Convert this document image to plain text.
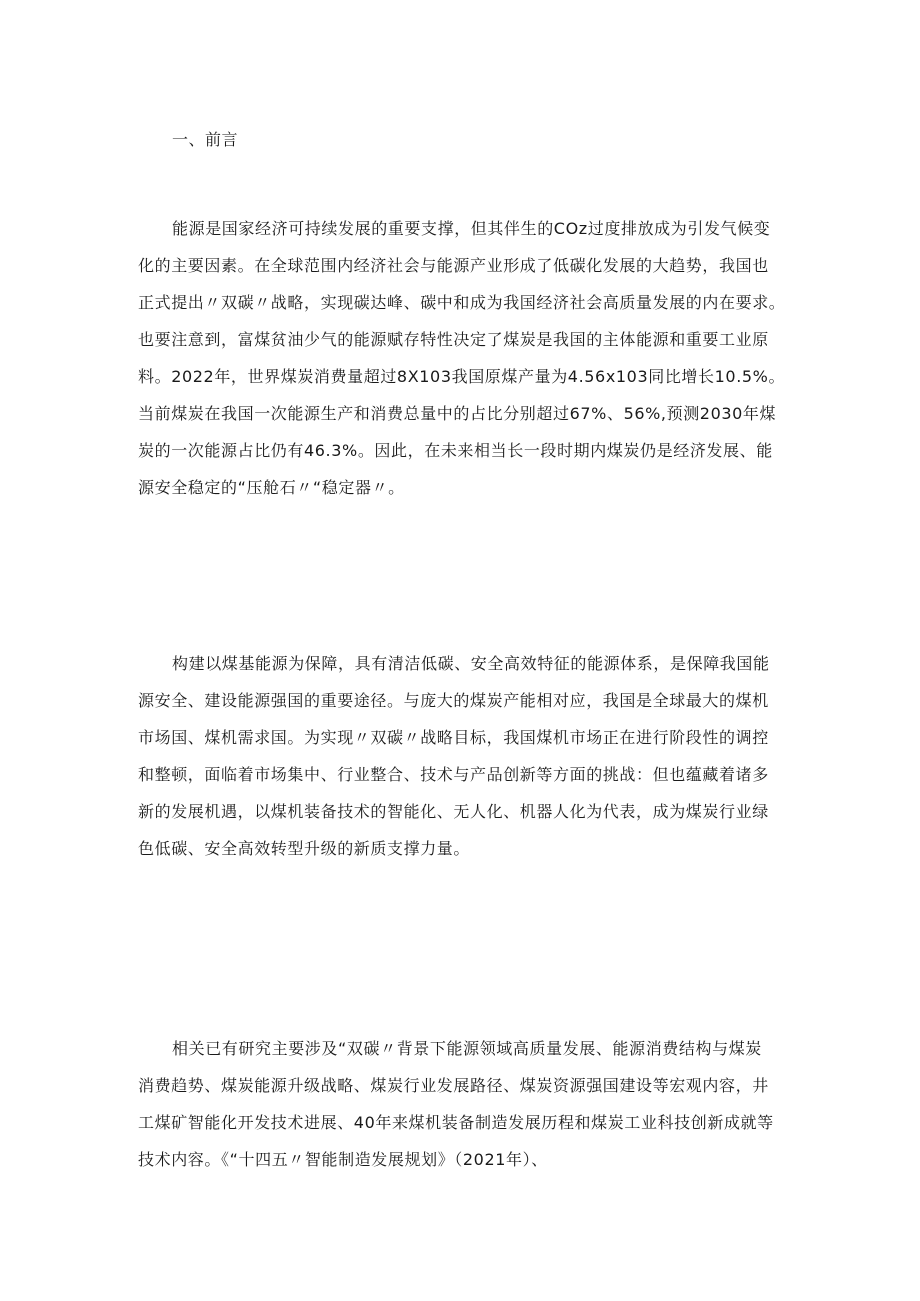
一、前言
能源是国家经济可持续发展的重要支撑，但其伴生的COz过度排放成为引发气候变
化的主要因素。在全球范围内经济社会与能源产业形成了低碳化发展的大趋势，我国也
正式提出〃双碳〃战略，实现碳达峰、碳中和成为我国经济社会高质量发展的内在要求。
也要注意到，富煤贫油少气的能源赋存特性决定了煤炭是我国的主体能源和重要工业原
料。2022年，世界煤炭消费量超过8X103我国原煤产量为4.56x103同比增长10.5%。
当前煤炭在我国一次能源生产和消费总量中的占比分别超过67%、56%,预测2030年煤
炭的一次能源占比仍有46.3%。因此，在未来相当长一段时期内煤炭仍是经济发展、能
源安全稳定的“压舱石〃“稳定器〃。
构建以煤基能源为保障，具有清洁低碳、安全高效特征的能源体系，是保障我国能
源安全、建设能源强国的重要途径。与庞大的煤炭产能相对应，我国是全球最大的煤机
市场国、煤机需求国。为实现〃双碳〃战略目标，我国煤机市场正在进行阶段性的调控
和整顿，面临着市场集中、行业整合、技术与产品创新等方面的挑战：但也蕴藏着诸多
新的发展机遇，以煤机装备技术的智能化、无人化、机器人化为代表，成为煤炭行业绿
色低碳、安全高效转型升级的新质支撑力量。
相关已有研究主要涉及“双碳〃背景下能源领域高质量发展、能源消费结构与煤炭
消费趋势、煤炭能源升级战略、煤炭行业发展路径、煤炭资源强国建设等宏观内容，井
工煤矿智能化开发技术进展、40年来煤机装备制造发展历程和煤炭工业科技创新成就等
技术内容。《“十四五〃智能制造发展规划》（2021年）、
